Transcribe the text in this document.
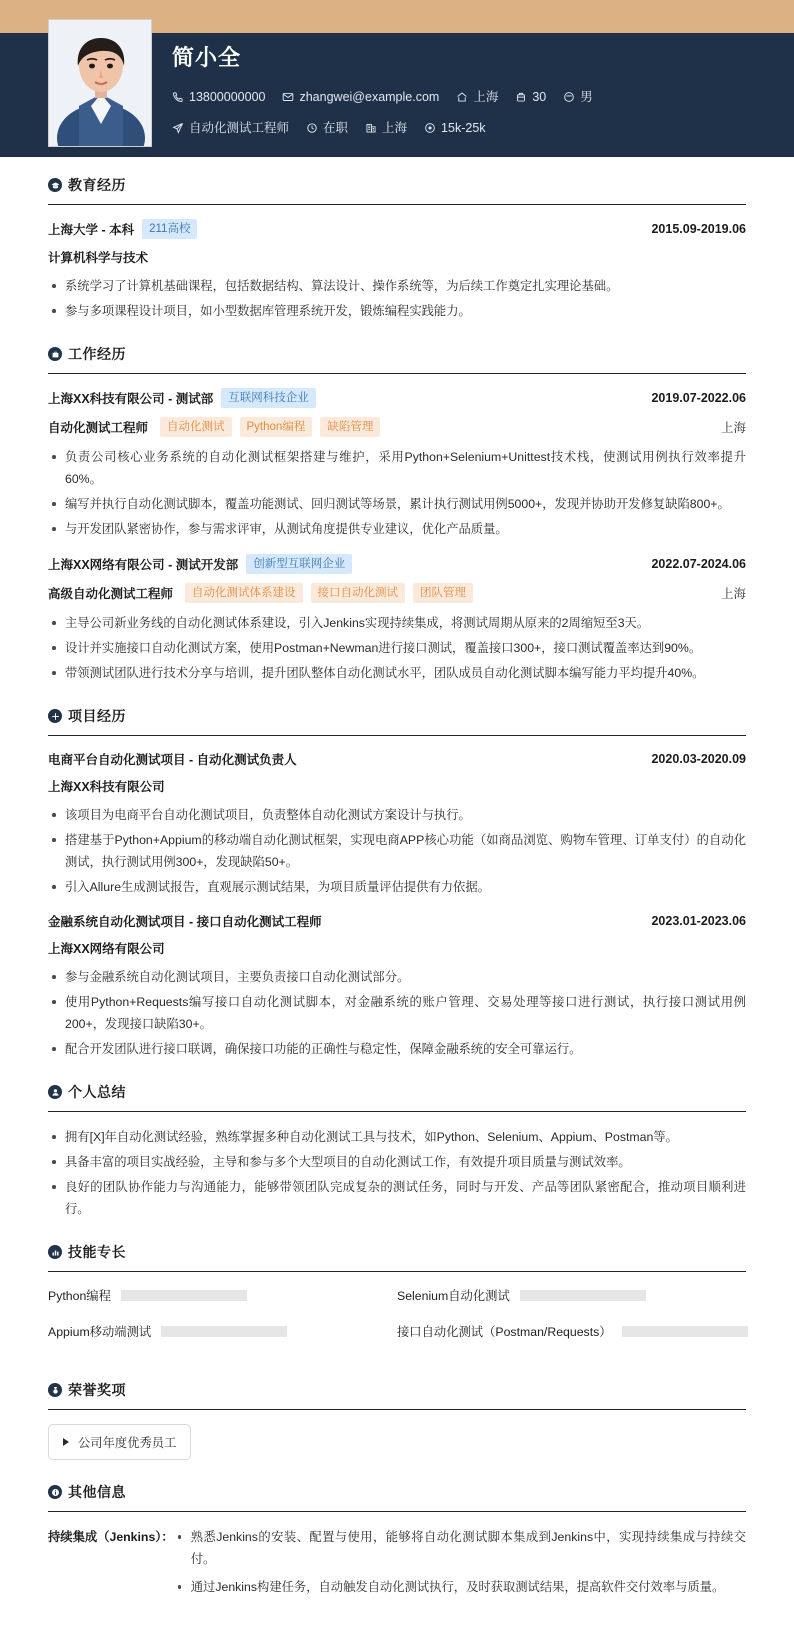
简小全
13800000000	zhangwei@example.com	上海	30	男
自动化测试工程师	在职	上海	15k-25k
教育经历
上海大学 - 本科	211高校	2015.09-2019.06
计算机科学与技术
系统学习了计算机基础课程，包括数据结构、算法设计、操作系统等，为后续工作奠定扎实理论基础。
参与多项课程设计项目，如小型数据库管理系统开发，锻炼编程实践能力。
工作经历
上海XX科技有限公司 - 测试部	互联网科技企业	2019.07-2022.06
自动化测试工程师	自动化测试	Python编程	缺陷管理	上海
负责公司核心业务系统的自动化测试框架搭建与维护，采用Python+Selenium+Unittest技术栈，使测试用例执行效率提升60%。
编写并执行自动化测试脚本，覆盖功能测试、回归测试等场景，累计执行测试用例5000+，发现并协助开发修复缺陷800+。
与开发团队紧密协作，参与需求评审，从测试角度提供专业建议，优化产品质量。
上海XX网络有限公司 - 测试开发部	创新型互联网企业	2022.07-2024.06
高级自动化测试工程师	自动化测试体系建设	接口自动化测试	团队管理	上海
主导公司新业务线的自动化测试体系建设，引入Jenkins实现持续集成，将测试周期从原来的2周缩短至3天。
设计并实施接口自动化测试方案，使用Postman+Newman进行接口测试，覆盖接口300+，接口测试覆盖率达到90%。
带领测试团队进行技术分享与培训，提升团队整体自动化测试水平，团队成员自动化测试脚本编写能力平均提升40%。
项目经历
电商平台自动化测试项目 - 自动化测试负责人	2020.03-2020.09
上海XX科技有限公司
该项目为电商平台自动化测试项目，负责整体自动化测试方案设计与执行。
搭建基于Python+Appium的移动端自动化测试框架，实现电商APP核心功能（如商品浏览、购物车管理、订单支付）的自动化测试，执行测试用例300+，发现缺陷50+。
引入Allure生成测试报告，直观展示测试结果，为项目质量评估提供有力依据。
金融系统自动化测试项目 - 接口自动化测试工程师	2023.01-2023.06
上海XX网络有限公司
参与金融系统自动化测试项目，主要负责接口自动化测试部分。
使用Python+Requests编写接口自动化测试脚本，对金融系统的账户管理、交易处理等接口进行测试，执行接口测试用例200+，发现接口缺陷30+。
配合开发团队进行接口联调，确保接口功能的正确性与稳定性，保障金融系统的安全可靠运行。
个人总结
拥有[X]年自动化测试经验，熟练掌握多种自动化测试工具与技术，如Python、Selenium、Appium、Postman等。
具备丰富的项目实战经验，主导和参与多个大型项目的自动化测试工作，有效提升项目质量与测试效率。
良好的团队协作能力与沟通能力，能够带领团队完成复杂的测试任务，同时与开发、产品等团队紧密配合，推动项目顺利进行。
技能专长
Python编程	Selenium自动化测试
Appium移动端测试	接口自动化测试（Postman/Requests）
荣誉奖项
公司年度优秀员工
其他信息
持续集成（Jenkins）：	熟悉Jenkins的安装、配置与使用，能够将自动化测试脚本集成到Jenkins中，实现持续集成与持续交付。
通过Jenkins构建任务，自动触发自动化测试执行，及时获取测试结果，提高软件交付效率与质量。
